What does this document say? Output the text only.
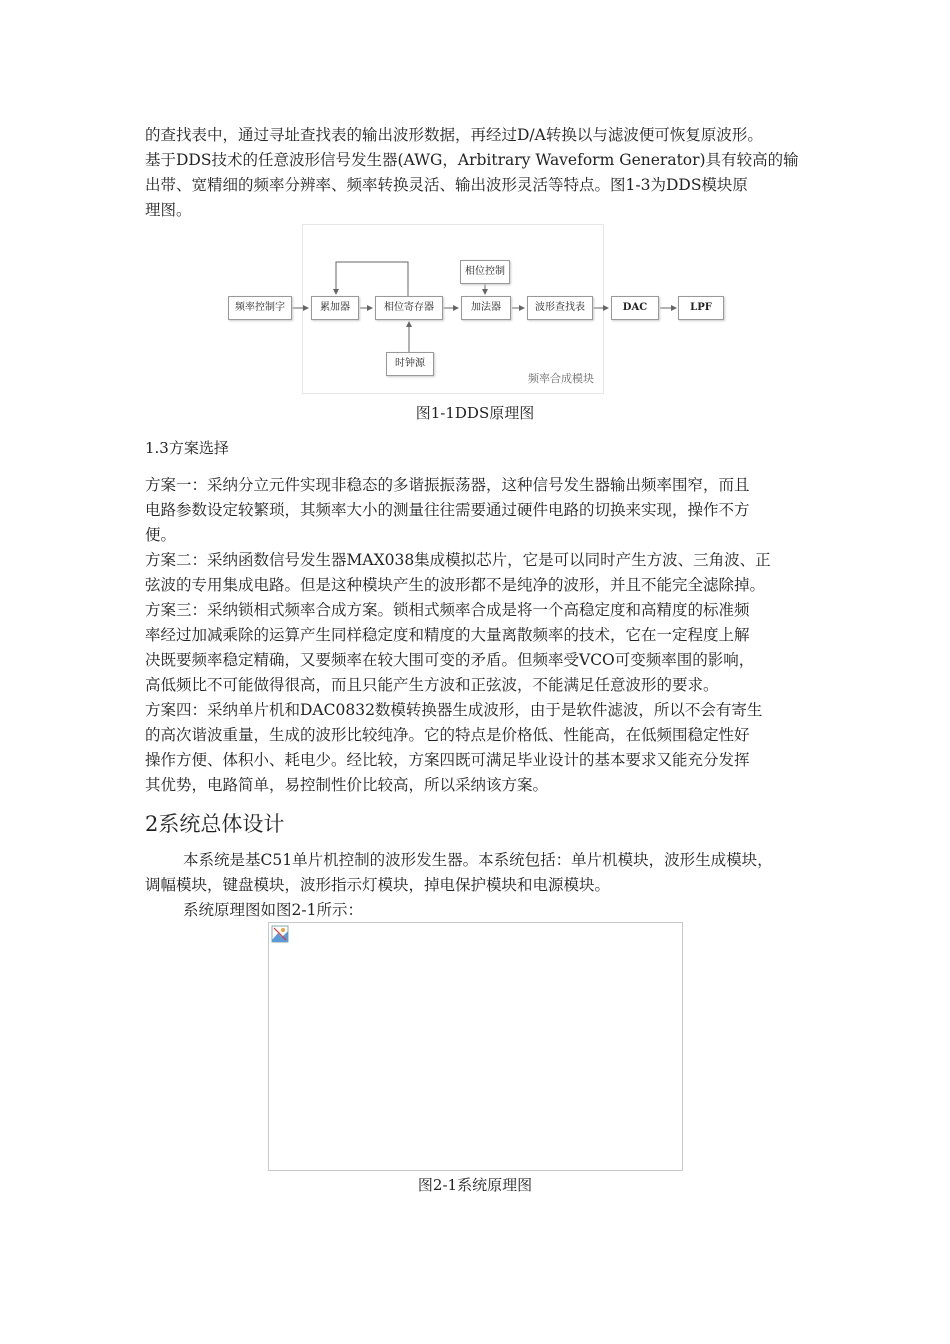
的查找表中，通过寻址查找表的输出波形数据，再经过D/A转换以与滤波便可恢复原波形。
基于DDS技术的任意波形信号发生器(AWG，Arbitrary Waveform Generator)具有较高的输
出带、宽精细的频率分辨率、频率转换灵活、输出波形灵活等特点。图1-3为DDS模块原
理图。
频率控制字	累加器	相位寄存器
相位控制
加法器	波形查找表	DAC	LPF
时钟源
频率合成模块
图1-1DDS原理图
1.3方案选择
方案一：采纳分立元件实现非稳态的多谐振振荡器，这种信号发生器输出频率围窄，而且
电路参数设定较繁琐，其频率大小的测量往往需要通过硬件电路的切换来实现，操作不方
便。
方案二：采纳函数信号发生器MAX038集成模拟芯片，它是可以同时产生方波、三角波、正
弦波的专用集成电路。但是这种模块产生的波形都不是纯净的波形，并且不能完全滤除掉。
方案三：采纳锁相式频率合成方案。锁相式频率合成是将一个高稳定度和高精度的标准频
率经过加减乘除的运算产生同样稳定度和精度的大量离散频率的技术，它在一定程度上解
决既要频率稳定精确，又要频率在较大围可变的矛盾。但频率受VCO可变频率围的影响，
高低频比不可能做得很高，而且只能产生方波和正弦波，不能满足任意波形的要求。
方案四：采纳单片机和DAC0832数模转换器生成波形，由于是软件滤波，所以不会有寄生
的高次谐波重量，生成的波形比较纯净。它的特点是价格低、性能高，在低频围稳定性好
操作方便、体积小、耗电少。经比较，方案四既可满足毕业设计的基本要求又能充分发挥
其优势，电路简单，易控制性价比较高，所以采纳该方案。
2系统总体设计
本系统是基C51单片机控制的波形发生器。本系统包括：单片机模块，波形生成模块，
调幅模块，键盘模块，波形指示灯模块，掉电保护模块和电源模块。
系统原理图如图2-1所示：
图2-1系统原理图
